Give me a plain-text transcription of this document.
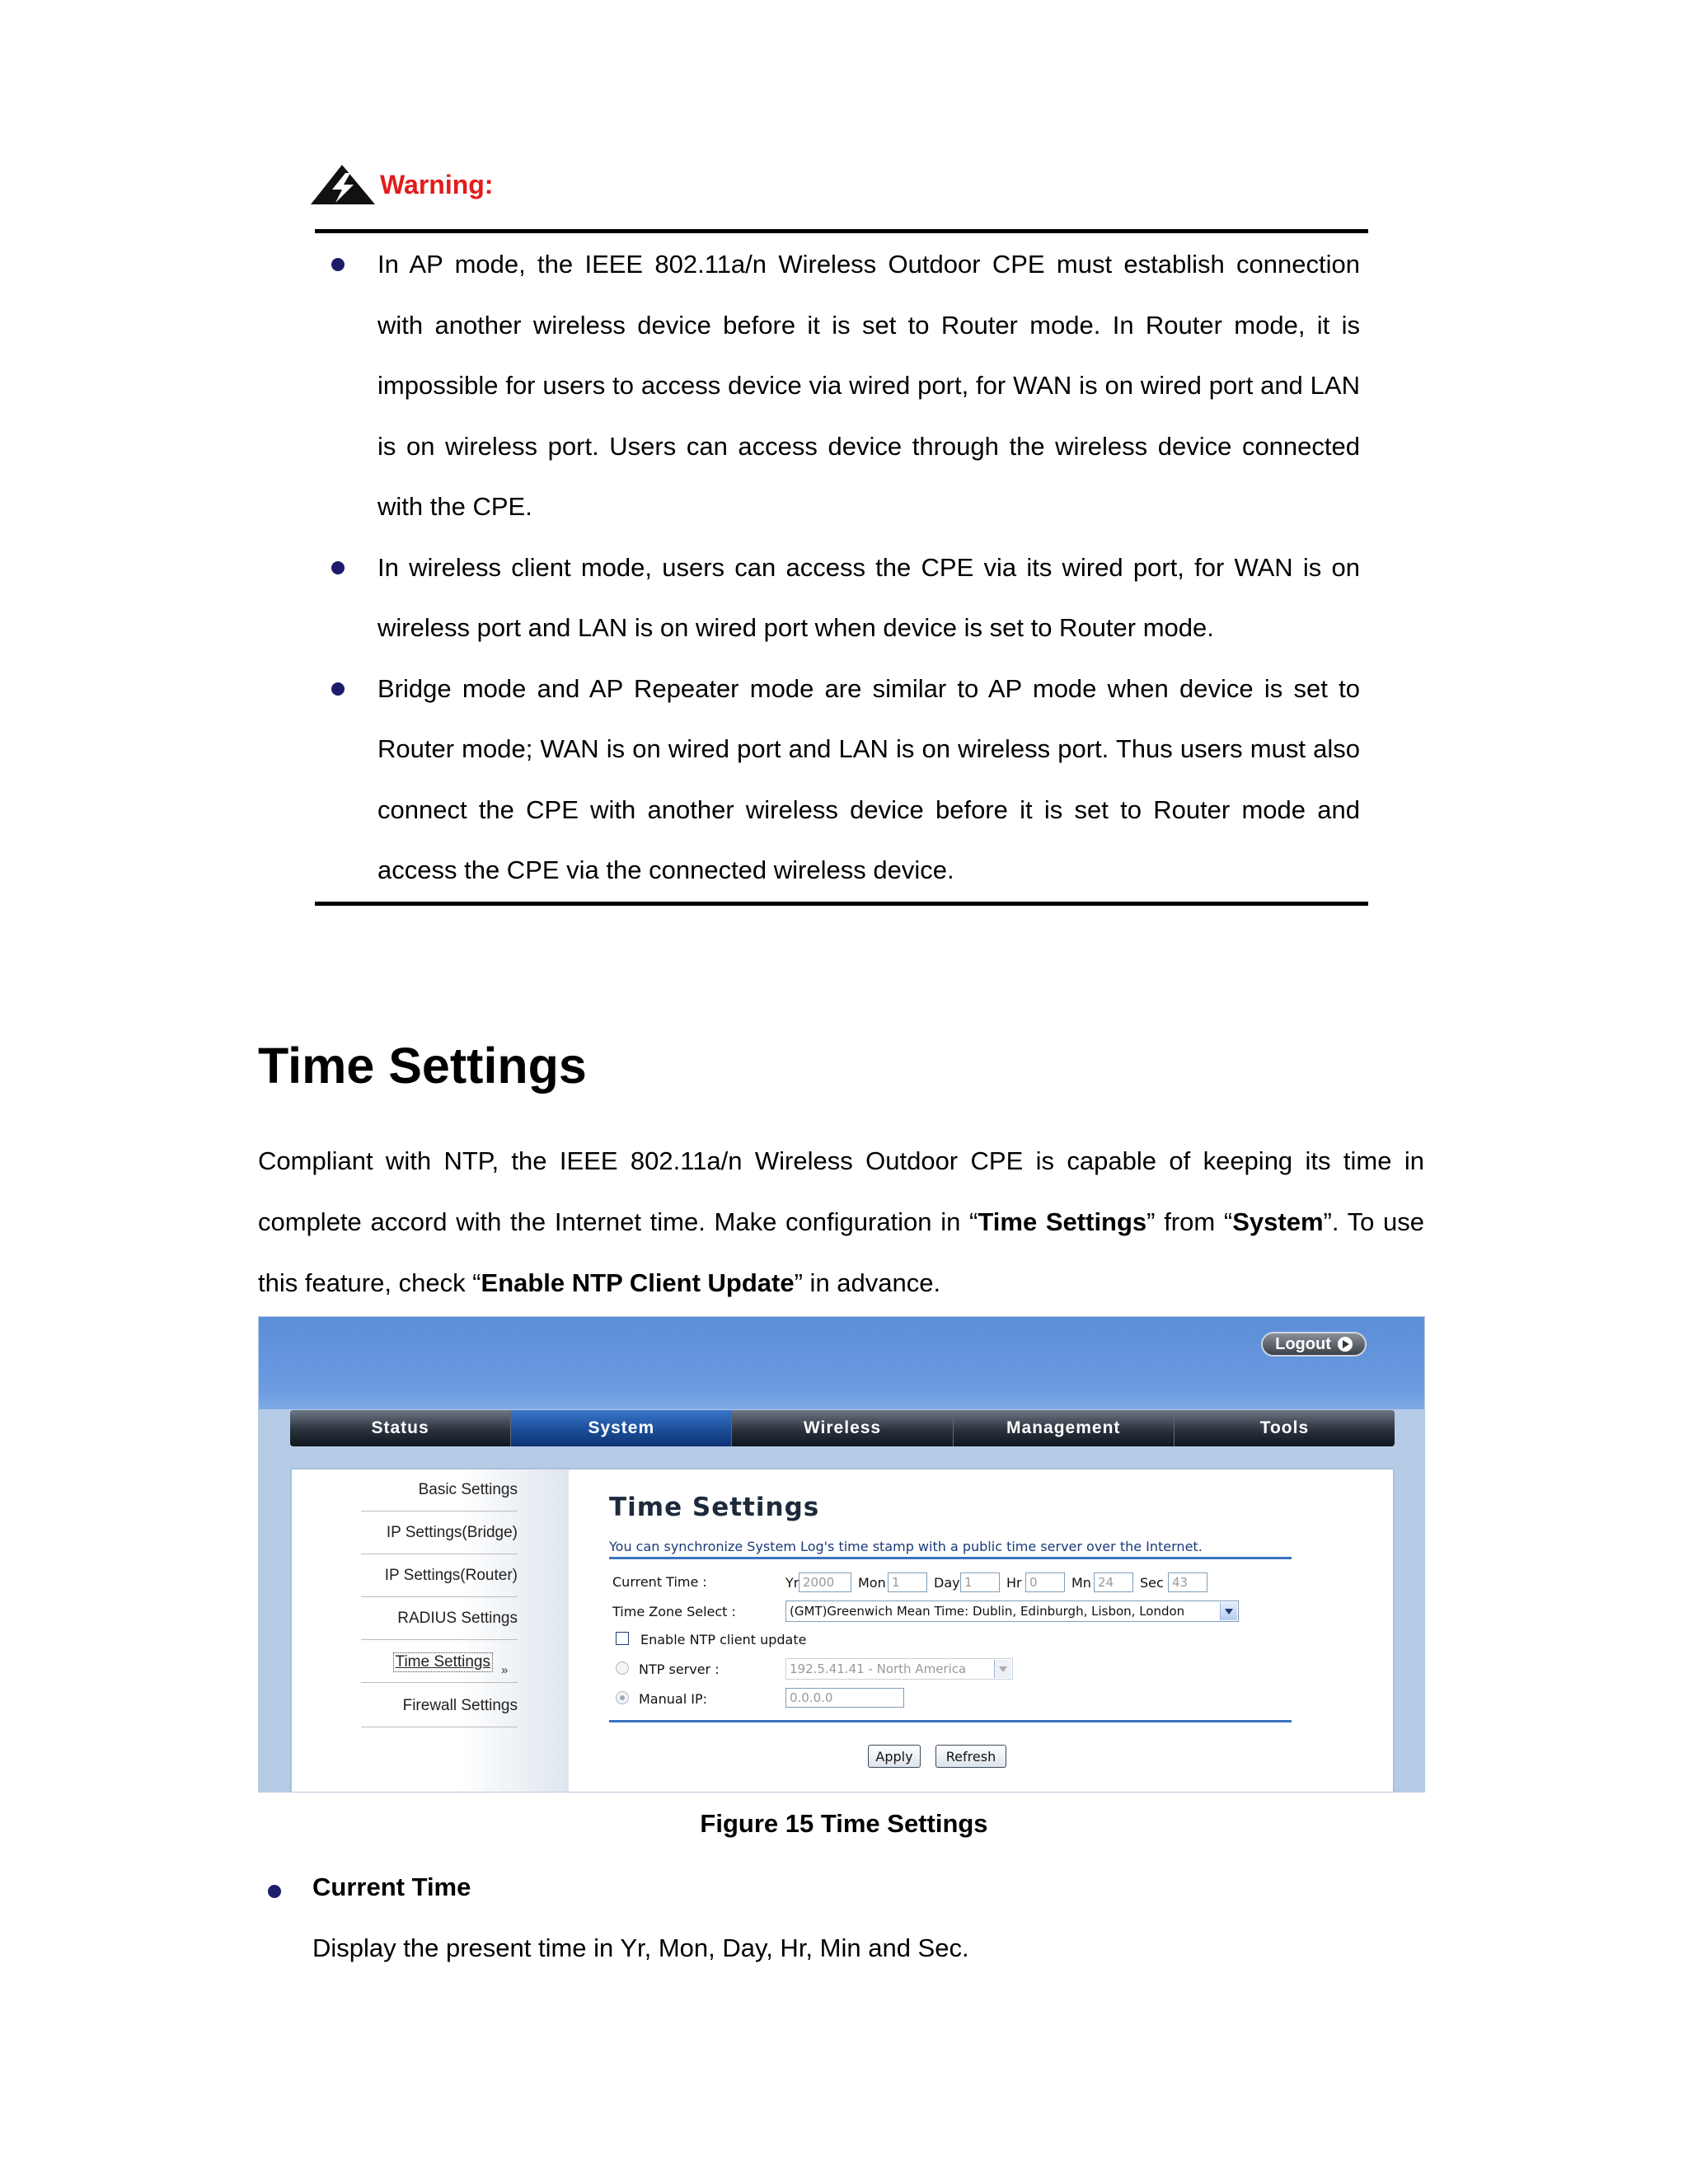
Warning:
In AP mode, the IEEE 802.11a/n Wireless Outdoor CPE must establish connection with another wireless device before it is set to Router mode. In Router mode, it is impossible for users to access device via wired port, for WAN is on wired port and LAN is on wireless port. Users can access device through the wireless device connected with the CPE.
In wireless client mode, users can access the CPE via its wired port, for WAN is on wireless port and LAN is on wired port when device is set to Router mode.
Bridge mode and AP Repeater mode are similar to AP mode when device is set to Router mode; WAN is on wired port and LAN is on wireless port. Thus users must also connect the CPE with another wireless device before it is set to Router mode and access the CPE via the connected wireless device.
Time Settings

Compliant with NTP, the IEEE 802.11a/n Wireless Outdoor CPE is capable of keeping its time in complete accord with the Internet time. Make configuration in “Time Settings” from “System”. To use this feature, check “Enable NTP Client Update” in advance.

Logout
Status	System	Wireless	Management	Tools
Basic Settings
IP Settings(Bridge)
IP Settings(Router)
RADIUS Settings
Time Settings »
Firewall Settings
Time Settings
You can synchronize System Log's time stamp with a public time server over the Internet.
Current Time :	Yr 2000	Mon 1	Day 1	Hr 0	Mn 24	Sec 43
Time Zone Select :	(GMT)Greenwich Mean Time: Dublin, Edinburgh, Lisbon, London
Enable NTP client update
NTP server :	192.5.41.41 - North America
Manual IP:	0.0.0.0
Apply	Refresh

Figure 15 Time Settings

Current Time
Display the present time in Yr, Mon, Day, Hr, Min and Sec.
